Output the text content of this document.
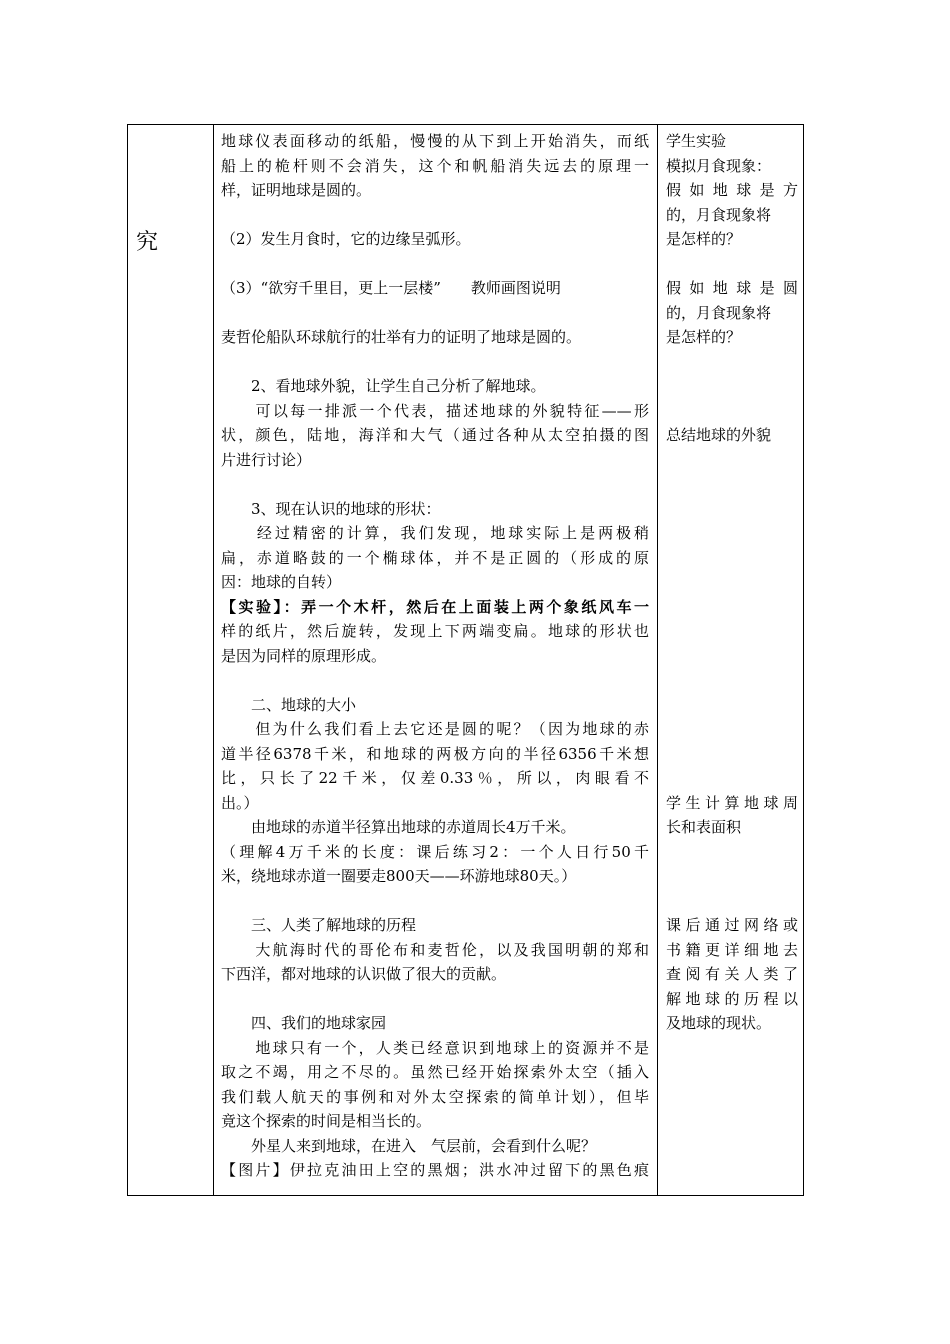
究
地球仪表面移动的纸船，慢慢的从下到上开始消失，而纸
船上的桅杆则不会消失，这个和帆船消失远去的原理一
样，证明地球是圆的。
（2）发生月食时，它的边缘呈弧形。
（3）“欲穷千里目，更上一层楼”　　教师画图说明
麦哲伦船队环球航行的壮举有力的证明了地球是圆的。
　　2、看地球外貌，让学生自己分析了解地球。
　　可以每一排派一个代表，描述地球的外貌特征——形
状，颜色，陆地，海洋和大气（通过各种从太空拍摄的图
片进行讨论）
　　3、现在认识的地球的形状：
　　经过精密的计算，我们发现，地球实际上是两极稍
扁，赤道略鼓的一个椭球体，并不是正圆的（形成的原
因：地球的自转）
【实验】：弄一个木杆，然后在上面装上两个象纸风车一
样的纸片，然后旋转，发现上下两端变扁。地球的形状也
是因为同样的原理形成。
　　二、地球的大小
　　但为什么我们看上去它还是圆的呢？（因为地球的赤
道半径6378千米，和地球的两极方向的半径6356千米想
比，只长了22千米，仅差0.33％，所以，肉眼看不
出。）
　　由地球的赤道半径算出地球的赤道周长4万千米。
（理解4万千米的长度：课后练习2：一个人日行50千
米，绕地球赤道一圈要走800天——环游地球80天。）
　　三、人类了解地球的历程
　　大航海时代的哥伦布和麦哲伦，以及我国明朝的郑和
下西洋，都对地球的认识做了很大的贡献。
　　四、我们的地球家园
　　地球只有一个，人类已经意识到地球上的资源并不是
取之不竭，用之不尽的。虽然已经开始探索外太空（插入
我们载人航天的事例和对外太空探索的简单计划），但毕
竟这个探索的时间是相当长的。
　　外星人来到地球，在进入　气层前，会看到什么呢？
【图片】伊拉克油田上空的黑烟；洪水冲过留下的黑色痕
学生实验
模拟月食现象：
假如地球是方
的，月食现象将
是怎样的？
假如地球是圆
的，月食现象将
是怎样的？
总结地球的外貌
学生计算地球周
长和表面积
课后通过网络或
书籍更详细地去
查阅有关人类了
解地球的历程以
及地球的现状。
